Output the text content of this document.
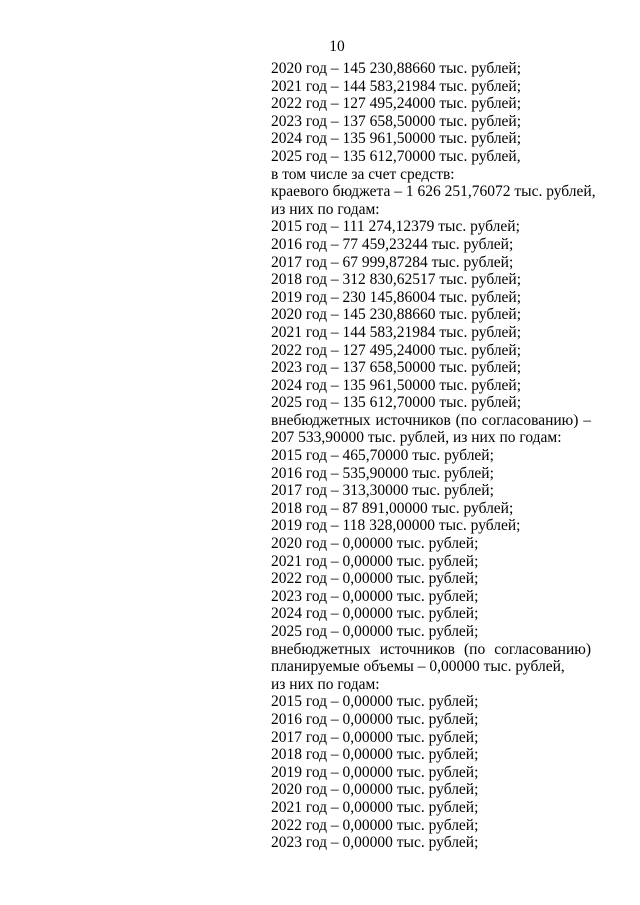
10
2020 год – 145 230,88660 тыс. рублей;
2021 год – 144 583,21984 тыс. рублей;
2022 год – 127 495,24000 тыс. рублей;
2023 год – 137 658,50000 тыс. рублей;
2024 год – 135 961,50000 тыс. рублей;
2025 год – 135 612,70000 тыс. рублей,
в том числе за счет средств:
краевого бюджета – 1 626 251,76072 тыс. рублей,
из них по годам:
2015 год – 111 274,12379 тыс. рублей;
2016 год – 77 459,23244 тыс. рублей;
2017 год – 67 999,87284 тыс. рублей;
2018 год – 312 830,62517 тыс. рублей;
2019 год – 230 145,86004 тыс. рублей;
2020 год – 145 230,88660 тыс. рублей;
2021 год – 144 583,21984 тыс. рублей;
2022 год – 127 495,24000 тыс. рублей;
2023 год – 137 658,50000 тыс. рублей;
2024 год – 135 961,50000 тыс. рублей;
2025 год – 135 612,70000 тыс. рублей;
внебюджетных источников (по согласованию) –
207 533,90000 тыс. рублей, из них по годам:
2015 год – 465,70000 тыс. рублей;
2016 год – 535,90000 тыс. рублей;
2017 год – 313,30000 тыс. рублей;
2018 год – 87 891,00000 тыс. рублей;
2019 год – 118 328,00000 тыс. рублей;
2020 год – 0,00000 тыс. рублей;
2021 год – 0,00000 тыс. рублей;
2022 год – 0,00000 тыс. рублей;
2023 год – 0,00000 тыс. рублей;
2024 год – 0,00000 тыс. рублей;
2025 год – 0,00000 тыс. рублей;
внебюджетных источников (по согласованию)
планируемые объемы – 0,00000 тыс. рублей,
из них по годам:
2015 год – 0,00000 тыс. рублей;
2016 год – 0,00000 тыс. рублей;
2017 год – 0,00000 тыс. рублей;
2018 год – 0,00000 тыс. рублей;
2019 год – 0,00000 тыс. рублей;
2020 год – 0,00000 тыс. рублей;
2021 год – 0,00000 тыс. рублей;
2022 год – 0,00000 тыс. рублей;
2023 год – 0,00000 тыс. рублей;
